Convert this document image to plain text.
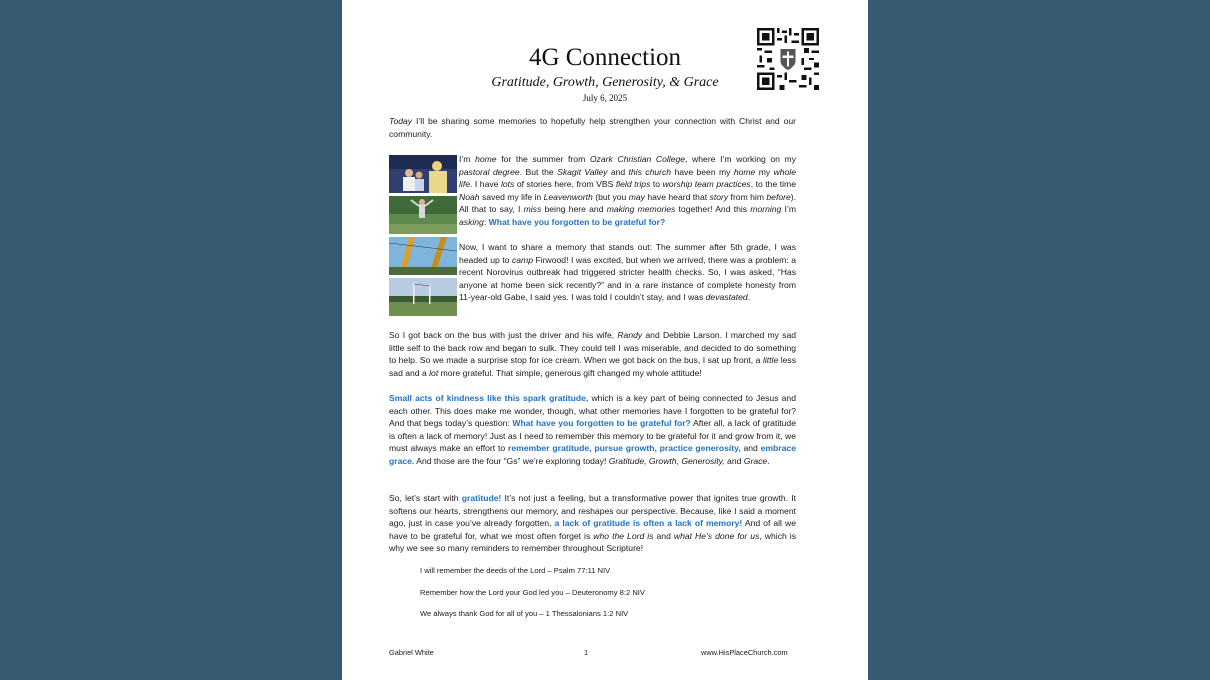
4G Connection
Gratitude, Growth, Generosity, & Grace
July 6, 2025

Today I’ll be sharing some memories to hopefully help strengthen your connection with Christ and our community.

I’m home for the summer from Ozark Christian College, where I’m working on my pastoral degree. But the Skagit Valley and this church have been my home my whole life. I have lots of stories here, from VBS field trips to worship team practices, to the time Noah saved my life in Leavenworth (but you may have heard that story from him before). All that to say, I miss being here and making memories together! And this morning I’m asking: What have you forgotten to be grateful for?

Now, I want to share a memory that stands out: The summer after 5th grade, I was headed up to camp Firwood! I was excited, but when we arrived, there was a problem: a recent Norovirus outbreak had triggered stricter health checks. So, I was asked, “Has anyone at home been sick recently?” and in a rare instance of complete honesty from 11-year-old Gabe, I said yes. I was told I couldn’t stay, and I was devastated.

So I got back on the bus with just the driver and his wife, Randy and Debbie Larson. I marched my sad little self to the back row and began to sulk. They could tell I was miserable, and decided to do something to help. So we made a surprise stop for ice cream. When we got back on the bus, I sat up front, a little less sad and a lot more grateful. That simple, generous gift changed my whole attitude!

Small acts of kindness like this spark gratitude, which is a key part of being connected to Jesus and each other. This does make me wonder, though, what other memories have I forgotten to be grateful for? And that begs today’s question: What have you forgotten to be grateful for? After all, a lack of gratitude is often a lack of memory! Just as I need to remember this memory to be grateful for it and grow from it, we must always make an effort to remember gratitude, pursue growth, practice generosity, and embrace grace. And those are the four “Gs” we’re exploring today! Gratitude, Growth, Generosity, and Grace.

So, let’s start with gratitude! It’s not just a feeling, but a transformative power that ignites true growth. It softens our hearts, strengthens our memory, and reshapes our perspective. Because, like I said a moment ago, just in case you’ve already forgotten, a lack of gratitude is often a lack of memory! And of all we have to be grateful for, what we most often forget is who the Lord is and what He’s done for us, which is why we see so many reminders to remember throughout Scripture!

I will remember the deeds of the Lord – Psalm 77:11 NIV
Remember how the Lord your God led you – Deuteronomy 8:2 NIV
We always thank God for all of you – 1 Thessalonians 1:2 NIV
Gabriel White	1	www.HisPlaceChurch.com
